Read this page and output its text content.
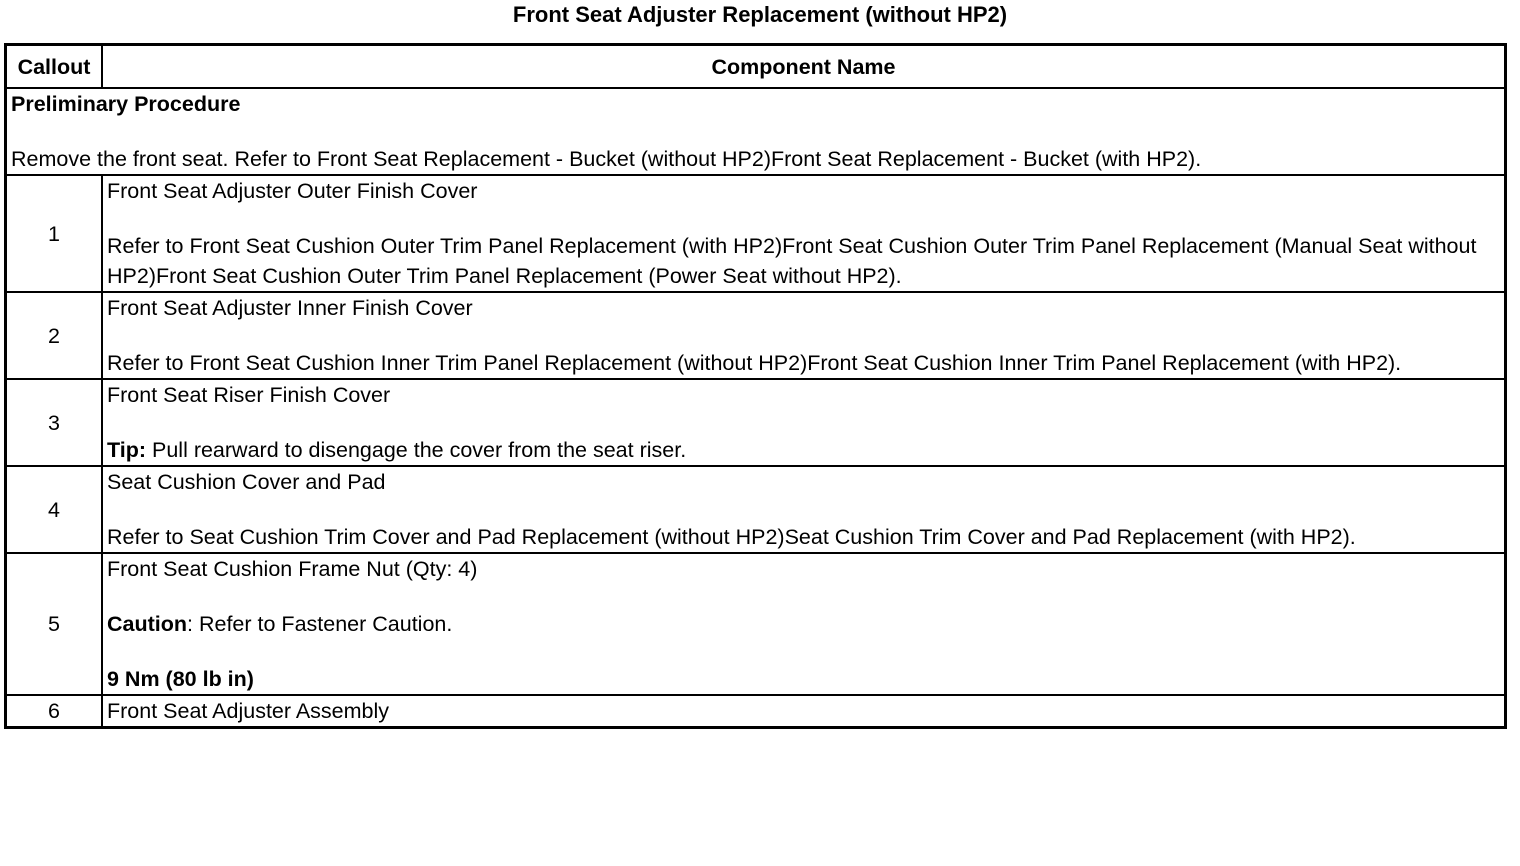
Front Seat Adjuster Replacement (without HP2)
Callout	Component Name

Preliminary Procedure

Remove the front seat. Refer to Front Seat Replacement - Bucket (without HP2)Front Seat Replacement - Bucket (with HP2).	

1	Front Seat Adjuster Outer Finish Cover

Refer to Front Seat Cushion Outer Trim Panel Replacement (with HP2)Front Seat Cushion Outer Trim Panel Replacement (Manual Seat without HP2)Front Seat Cushion Outer Trim Panel Replacement (Power Seat without HP2).

2	Front Seat Adjuster Inner Finish Cover

Refer to Front Seat Cushion Inner Trim Panel Replacement (without HP2)Front Seat Cushion Inner Trim Panel Replacement (with HP2).

3	Front Seat Riser Finish Cover

Tip: Pull rearward to disengage the cover from the seat riser.

4	Seat Cushion Cover and Pad

Refer to Seat Cushion Trim Cover and Pad Replacement (without HP2)Seat Cushion Trim Cover and Pad Replacement (with HP2).

5	Front Seat Cushion Frame Nut (Qty: 4)

Caution: Refer to Fastener Caution.

9 Nm (80 lb in)

6	Front Seat Adjuster Assembly
